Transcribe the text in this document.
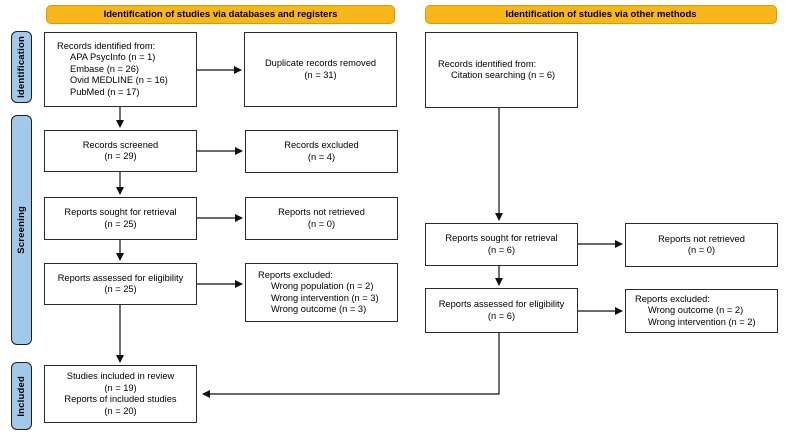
Identification of studies via databases and registers	Identification of studies via other methods
Identification
Screening
Included
Records identified from:
APA PsycInfo (n = 1)
Embase (n = 26)
Ovid MEDLINE (n = 16)
PubMed (n = 17)
Duplicate records removed
(n = 31)
Records screened
(n = 29)
Records excluded
(n = 4)
Reports sought for retrieval
(n = 25)
Reports not retrieved
(n = 0)
Reports assessed for eligibility
(n = 25)
Reports excluded:
Wrong population (n = 2)
Wrong intervention (n = 3)
Wrong outcome (n = 3)
Studies included in review
(n = 19)
Reports of included studies
(n = 20)
Records identified from:
Citation searching (n = 6)
Reports sought for retrieval
(n = 6)
Reports not retrieved
(n = 0)
Reports assessed for eligibility
(n = 6)
Reports excluded:
Wrong outcome (n = 2)
Wrong intervention (n = 2)
